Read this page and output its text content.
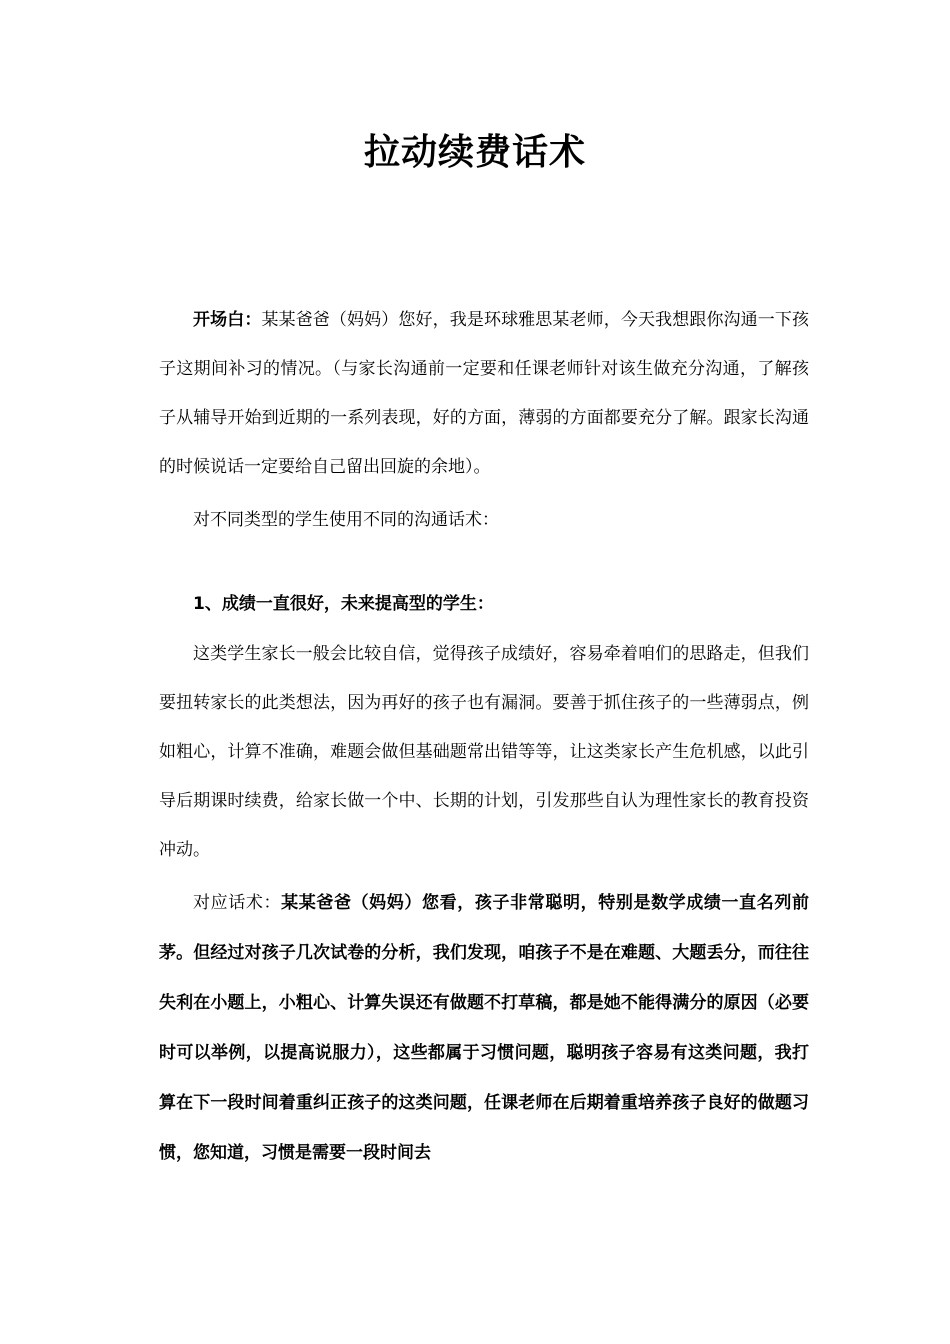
拉动续费话术
开场白：某某爸爸（妈妈）您好，我是环球雅思某老师，今天我想跟你沟通一下孩子这期间补习的情况。（与家长沟通前一定要和任课老师针对该生做充分沟通，了解孩子从辅导开始到近期的一系列表现，好的方面，薄弱的方面都要充分了解。跟家长沟通的时候说话一定要给自己留出回旋的余地）。
对不同类型的学生使用不同的沟通话术：
1、成绩一直很好，未来提高型的学生：
这类学生家长一般会比较自信，觉得孩子成绩好，容易牵着咱们的思路走，但我们要扭转家长的此类想法，因为再好的孩子也有漏洞。要善于抓住孩子的一些薄弱点，例如粗心，计算不准确，难题会做但基础题常出错等等，让这类家长产生危机感，以此引导后期课时续费，给家长做一个中、长期的计划，引发那些自认为理性家长的教育投资冲动。
对应话术：某某爸爸（妈妈）您看，孩子非常聪明，特别是数学成绩一直名列前茅。但经过对孩子几次试卷的分析，我们发现，咱孩子不是在难题、大题丢分，而往往失利在小题上，小粗心、计算失误还有做题不打草稿，都是她不能得满分的原因（必要时可以举例，以提高说服力），这些都属于习惯问题，聪明孩子容易有这类问题，我打算在下一段时间着重纠正孩子的这类问题，任课老师在后期着重培养孩子良好的做题习惯，您知道，习惯是需要一段时间去
